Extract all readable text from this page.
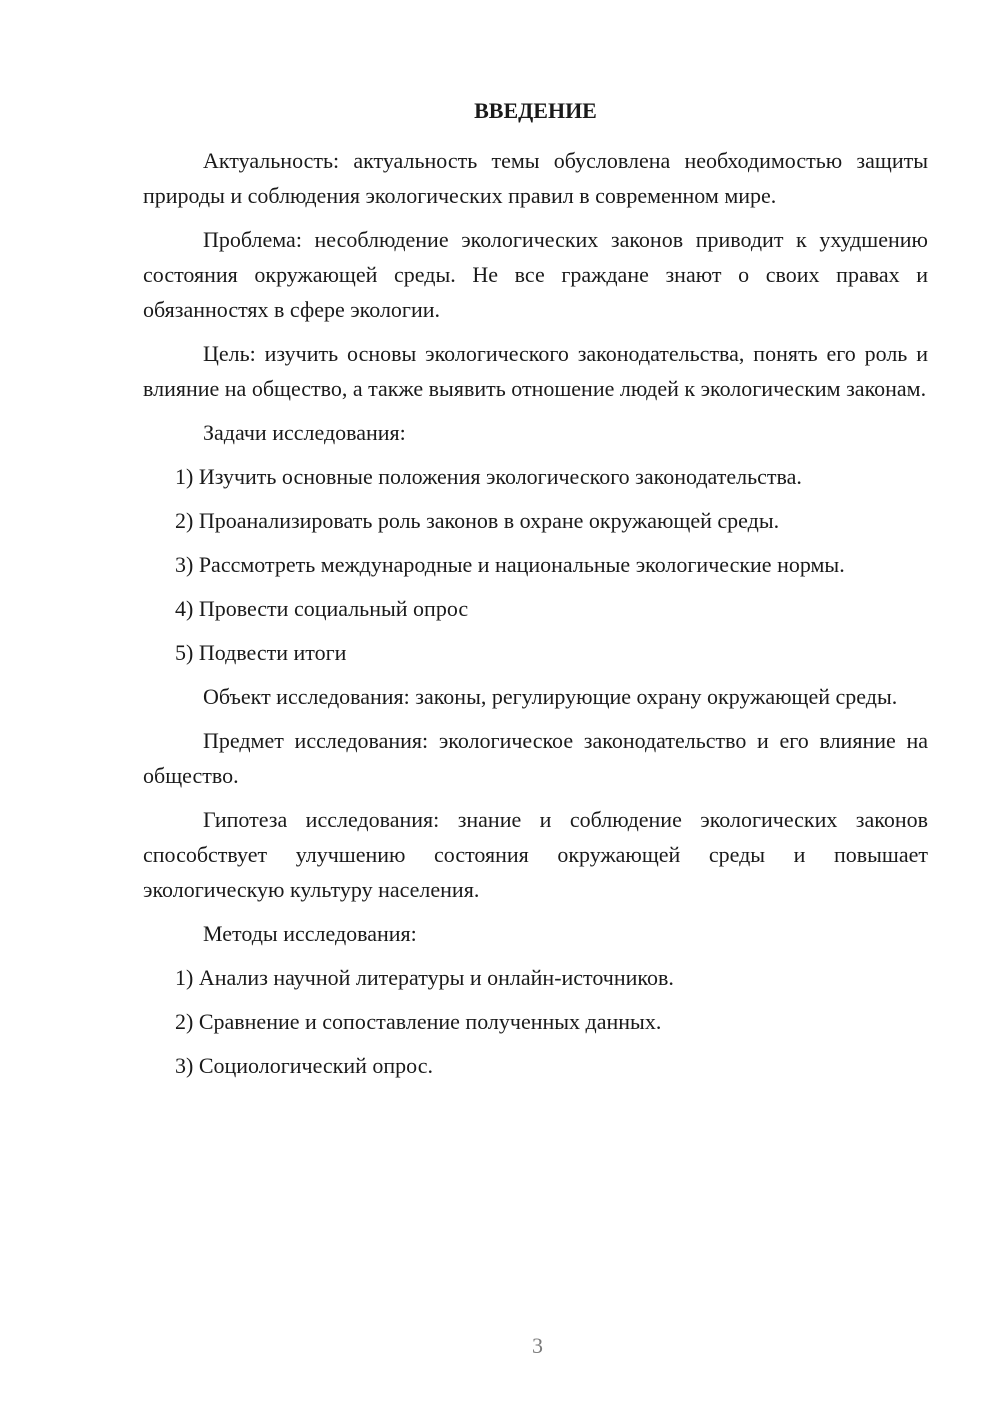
ВВЕДЕНИЕ

Актуальность: актуальность темы обусловлена необходимостью защиты природы и соблюдения экологических правил в современном мире.

Проблема: несоблюдение экологических законов приводит к ухудшению состояния окружающей среды. Не все граждане знают о своих правах и обязанностях в сфере экологии.

Цель: изучить основы экологического законодательства, понять его роль и влияние на общество, а также выявить отношение людей к экологическим законам.

Задачи исследования:

1) Изучить основные положения экологического законодательства.

2) Проанализировать роль законов в охране окружающей среды.

3) Рассмотреть международные и национальные экологические нормы.

4) Провести социальный опрос

5) Подвести итоги

Объект исследования: законы, регулирующие охрану окружающей среды.

Предмет исследования: экологическое законодательство и его влияние на общество.

Гипотеза исследования: знание и соблюдение экологических законов способствует улучшению состояния окружающей среды и повышает экологическую культуру населения.

Методы исследования:

1) Анализ научной литературы и онлайн-источников.

2) Сравнение и сопоставление полученных данных.

3) Социологический опрос.

3
